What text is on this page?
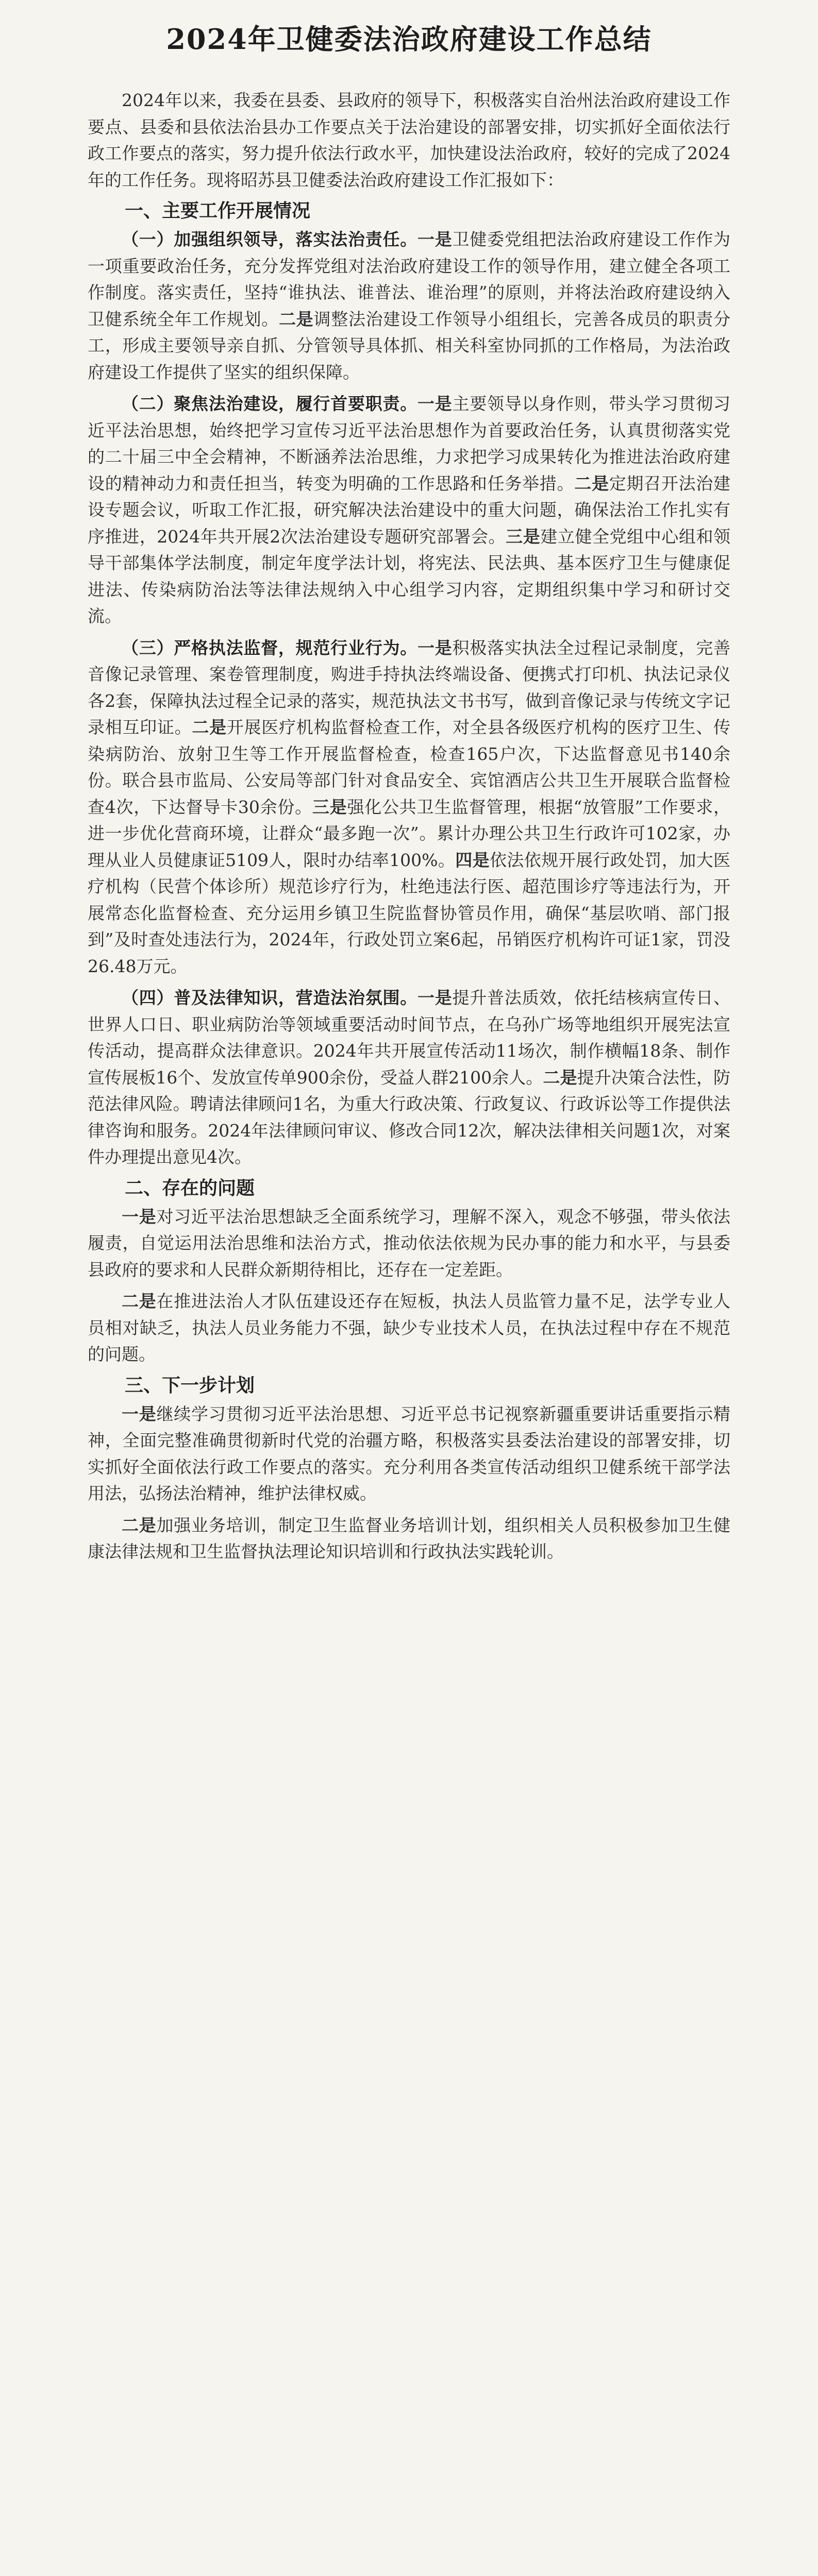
2024年卫健委法治政府建设工作总结

2024年以来，我委在县委、县政府的领导下，积极落实自治州法治政府建设工作要点、县委和县依法治县办工作要点关于法治建设的部署安排，切实抓好全面依法行政工作要点的落实，努力提升依法行政水平，加快建设法治政府，较好的完成了2024年的工作任务。现将昭苏县卫健委法治政府建设工作汇报如下：

一、主要工作开展情况

（一）加强组织领导，落实法治责任。一是卫健委党组把法治政府建设工作作为一项重要政治任务，充分发挥党组对法治政府建设工作的领导作用，建立健全各项工作制度。落实责任，坚持“谁执法、谁普法、谁治理”的原则，并将法治政府建设纳入卫健系统全年工作规划。二是调整法治建设工作领导小组组长，完善各成员的职责分工，形成主要领导亲自抓、分管领导具体抓、相关科室协同抓的工作格局，为法治政府建设工作提供了坚实的组织保障。

（二）聚焦法治建设，履行首要职责。一是主要领导以身作则，带头学习贯彻习近平法治思想，始终把学习宣传习近平法治思想作为首要政治任务，认真贯彻落实党的二十届三中全会精神，不断涵养法治思维，力求把学习成果转化为推进法治政府建设的精神动力和责任担当，转变为明确的工作思路和任务举措。二是定期召开法治建设专题会议，听取工作汇报，研究解决法治建设中的重大问题，确保法治工作扎实有序推进，2024年共开展2次法治建设专题研究部署会。三是建立健全党组中心组和领导干部集体学法制度，制定年度学法计划，将宪法、民法典、基本医疗卫生与健康促进法、传染病防治法等法律法规纳入中心组学习内容，定期组织集中学习和研讨交流。

（三）严格执法监督，规范行业行为。一是积极落实执法全过程记录制度，完善音像记录管理、案卷管理制度，购进手持执法终端设备、便携式打印机、执法记录仪各2套，保障执法过程全记录的落实，规范执法文书书写，做到音像记录与传统文字记录相互印证。二是开展医疗机构监督检查工作，对全县各级医疗机构的医疗卫生、传染病防治、放射卫生等工作开展监督检查，检查165户次，下达监督意见书140余份。联合县市监局、公安局等部门针对食品安全、宾馆酒店公共卫生开展联合监督检查4次，下达督导卡30余份。三是强化公共卫生监督管理，根据“放管服”工作要求，进一步优化营商环境，让群众“最多跑一次”。累计办理公共卫生行政许可102家，办理从业人员健康证5109人，限时办结率100%。四是依法依规开展行政处罚，加大医疗机构（民营个体诊所）规范诊疗行为，杜绝违法行医、超范围诊疗等违法行为，开展常态化监督检查、充分运用乡镇卫生院监督协管员作用，确保“基层吹哨、部门报到”及时查处违法行为，2024年，行政处罚立案6起，吊销医疗机构许可证1家，罚没26.48万元。

（四）普及法律知识，营造法治氛围。一是提升普法质效，依托结核病宣传日、世界人口日、职业病防治等领域重要活动时间节点，在乌孙广场等地组织开展宪法宣传活动，提高群众法律意识。2024年共开展宣传活动11场次，制作横幅18条、制作宣传展板16个、发放宣传单900余份，受益人群2100余人。二是提升决策合法性，防范法律风险。聘请法律顾问1名，为重大行政决策、行政复议、行政诉讼等工作提供法律咨询和服务。2024年法律顾问审议、修改合同12次，解决法律相关问题1次，对案件办理提出意见4次。

二、存在的问题

一是对习近平法治思想缺乏全面系统学习，理解不深入，观念不够强，带头依法履责，自觉运用法治思维和法治方式，推动依法依规为民办事的能力和水平，与县委县政府的要求和人民群众新期待相比，还存在一定差距。

二是在推进法治人才队伍建设还存在短板，执法人员监管力量不足，法学专业人员相对缺乏，执法人员业务能力不强，缺少专业技术人员，在执法过程中存在不规范的问题。

三、下一步计划

一是继续学习贯彻习近平法治思想、习近平总书记视察新疆重要讲话重要指示精神，全面完整准确贯彻新时代党的治疆方略，积极落实县委法治建设的部署安排，切实抓好全面依法行政工作要点的落实。充分利用各类宣传活动组织卫健系统干部学法用法，弘扬法治精神，维护法律权威。

二是加强业务培训，制定卫生监督业务培训计划，组织相关人员积极参加卫生健康法律法规和卫生监督执法理论知识培训和行政执法实践轮训。
